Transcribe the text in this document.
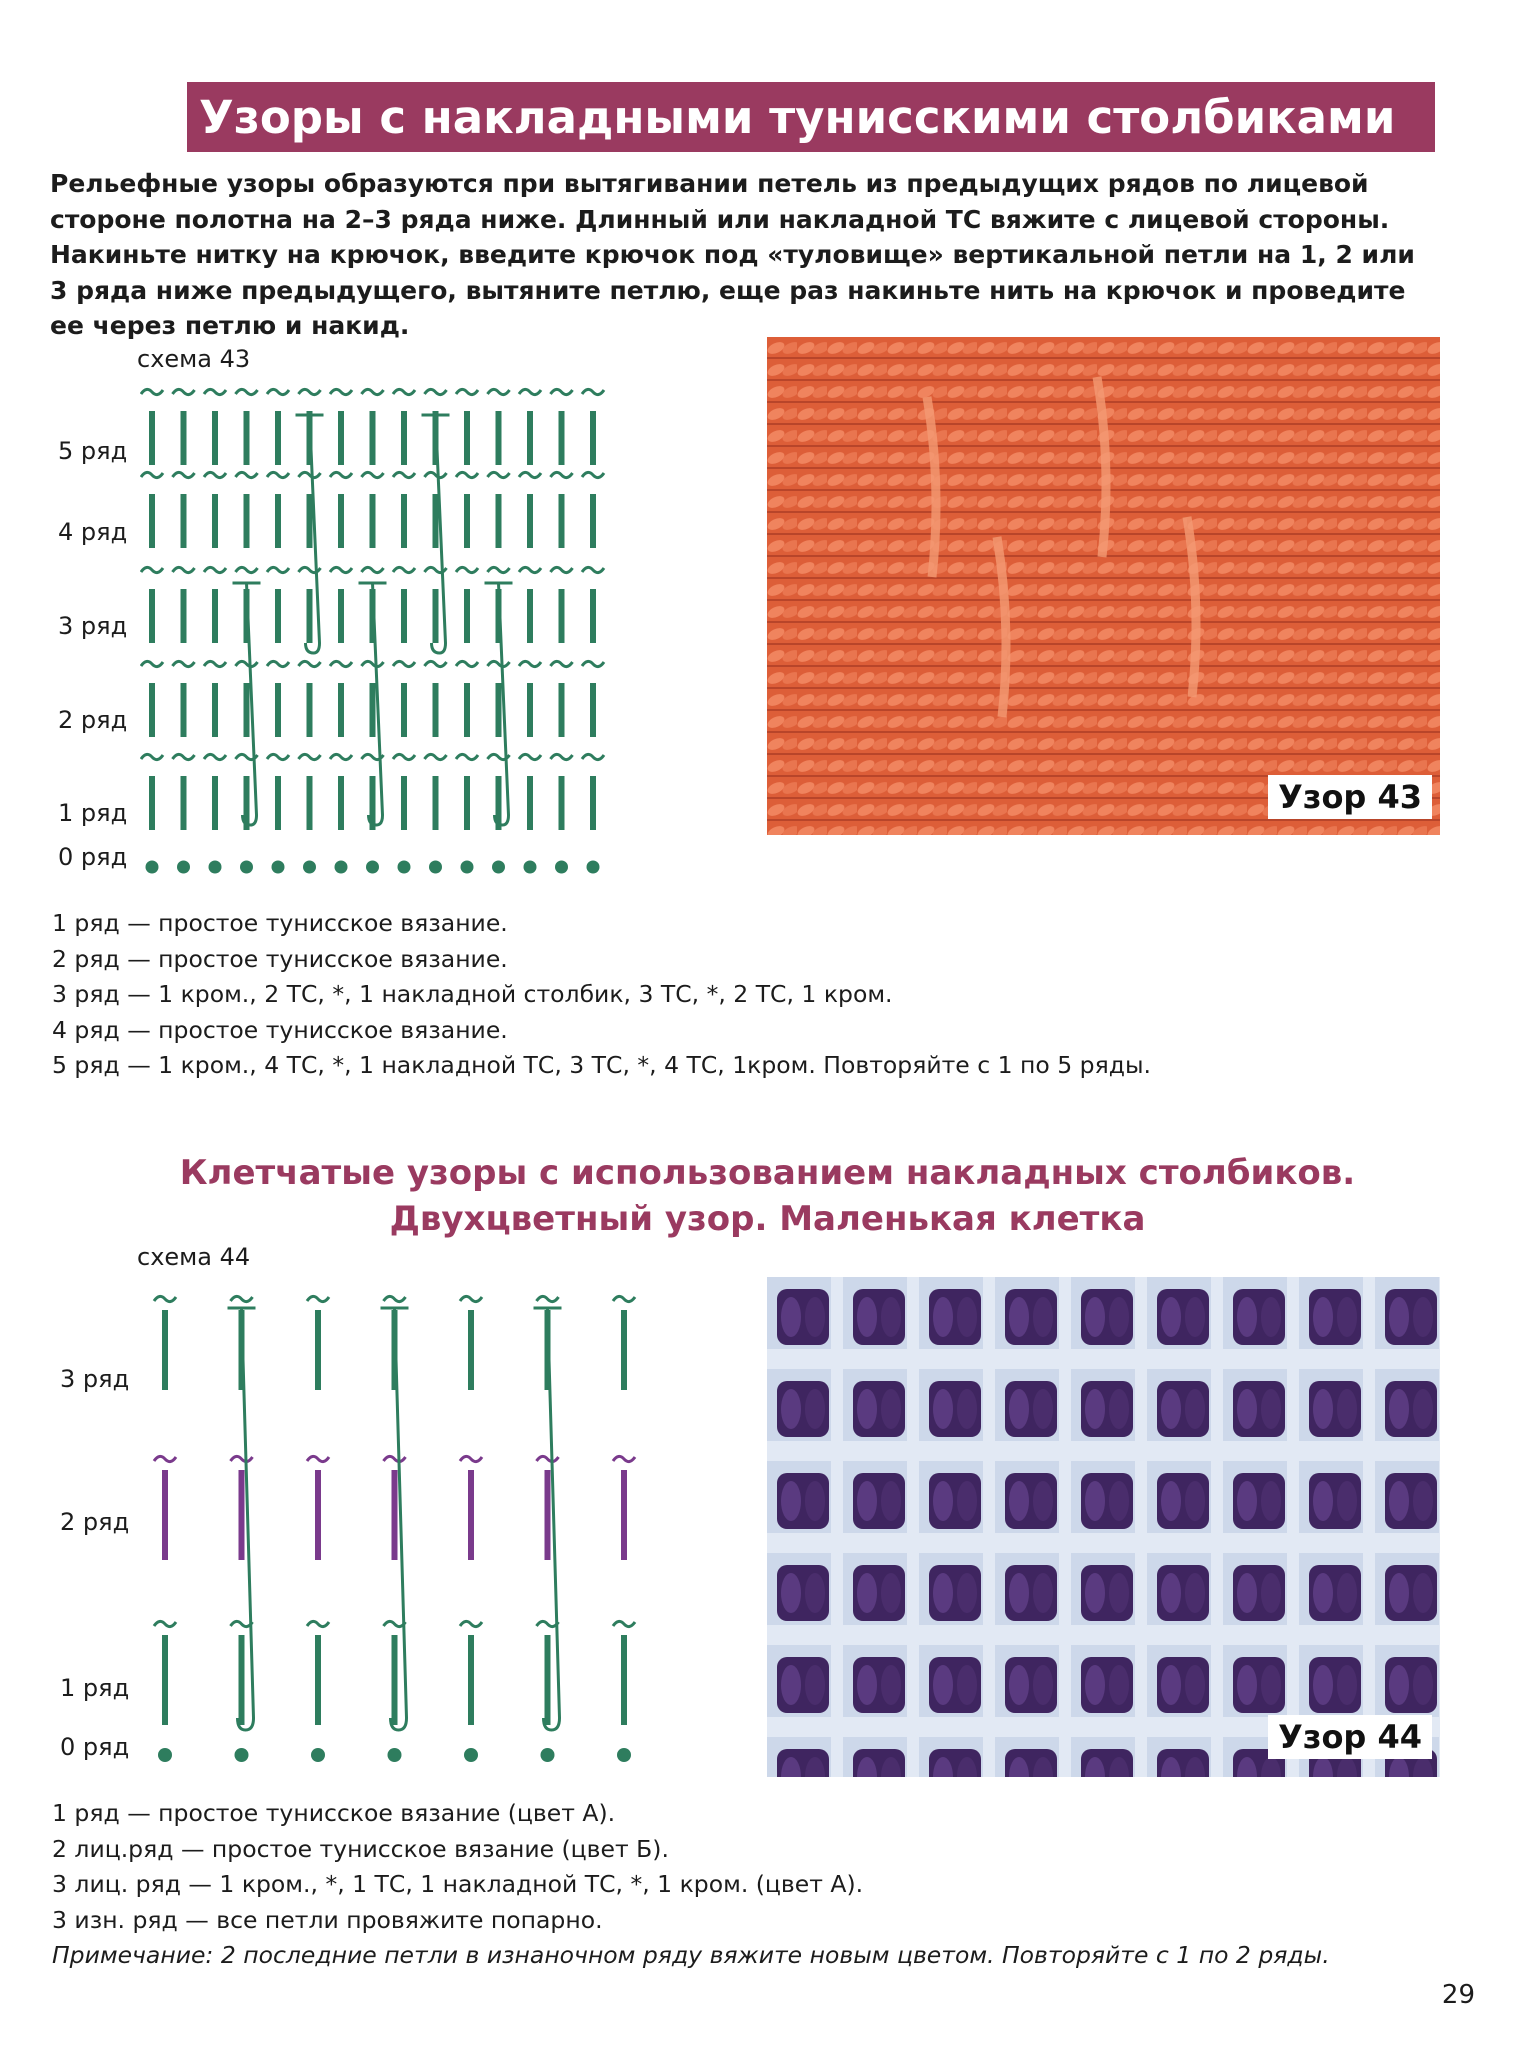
Узоры с накладными тунисскими столбиками

Рельефные узоры образуются при вытягивании петель из предыдущих рядов по лицевой стороне полотна на 2–3 ряда ниже. Длинный или накладной ТС вяжите с лицевой стороны. Накиньте нитку на крючок, введите крючок под «туловище» вертикальной петли на 1, 2 или 3 ряда ниже предыдущего, вытяните петлю, еще раз накиньте нить на крючок и проведите ее через петлю и накид.

схема 43
5 ряд
4 ряд
3 ряд
2 ряд
1 ряд
0 ряд
Узор 43
1 ряд — простое тунисское вязание.
2 ряд — простое тунисское вязание.
3 ряд — 1 кром., 2 ТС, *, 1 накладной столбик, 3 ТС, *, 2 ТС, 1 кром.
4 ряд — простое тунисское вязание.
5 ряд — 1 кром., 4 ТС, *, 1 накладной ТС, 3 ТС, *, 4 ТС, 1кром. Повторяйте с 1 по 5 ряды.
Клетчатые узоры с использованием накладных столбиков.
Двухцветный узор. Маленькая клетка
схема 44
3 ряд
2 ряд
1 ряд
0 ряд	Узор 44
1 ряд — простое тунисское вязание (цвет А).
2 лиц.ряд — простое тунисское вязание (цвет Б).
3 лиц. ряд — 1 кром., *, 1 ТС, 1 накладной ТС, *, 1 кром. (цвет А).
3 изн. ряд — все петли провяжите попарно.
Примечание: 2 последние петли в изнаночном ряду вяжите новым цветом. Повторяйте с 1 по 2 ряды.
29
